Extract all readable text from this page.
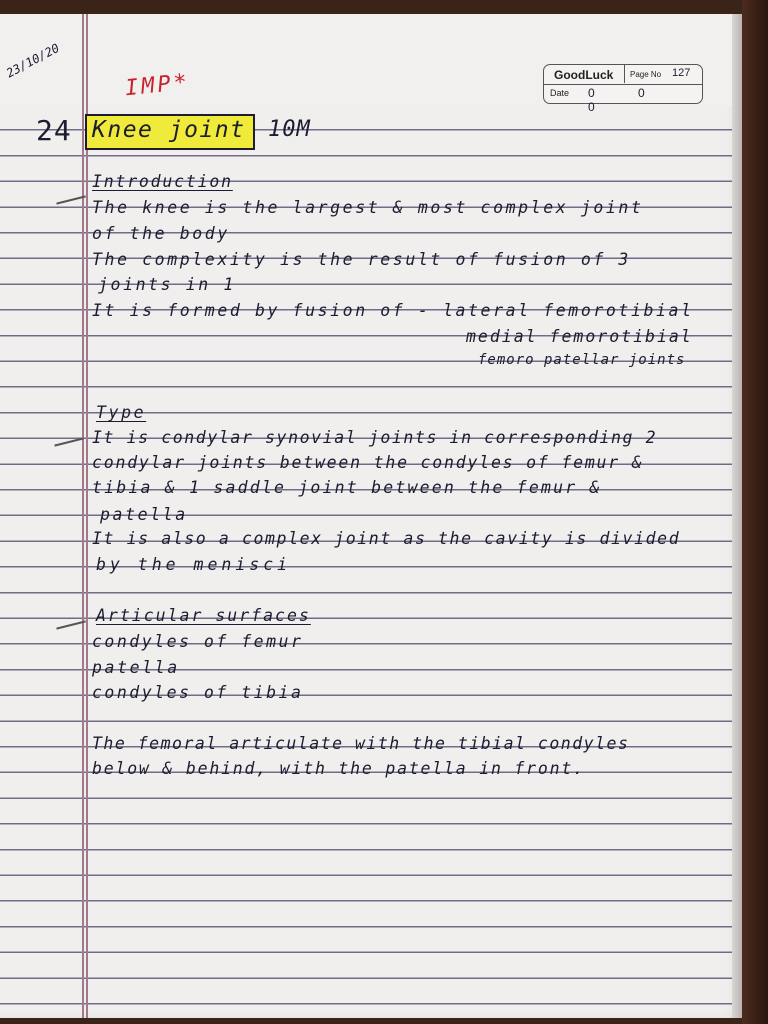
23/10/20
IMP*	GoodLuck Page No 127
Date 0 0 0
24 Knee joint 10M
Introduction
The knee is the largest & most complex joint
of the body
The complexity is the result of fusion of 3
joints in 1
It is formed by fusion of - lateral femorotibial
medial femorotibial
femoro patellar joints
Type
It is condylar synovial joints in corresponding 2
condylar joints between the condyles of femur &
tibia & 1 saddle joint between the femur &
patella
It is also a complex joint as the cavity is divided
by the menisci
Articular surfaces
condyles of femur
patella
condyles of tibia
The femoral articulate with the tibial condyles
below & behind, with the patella in front.
